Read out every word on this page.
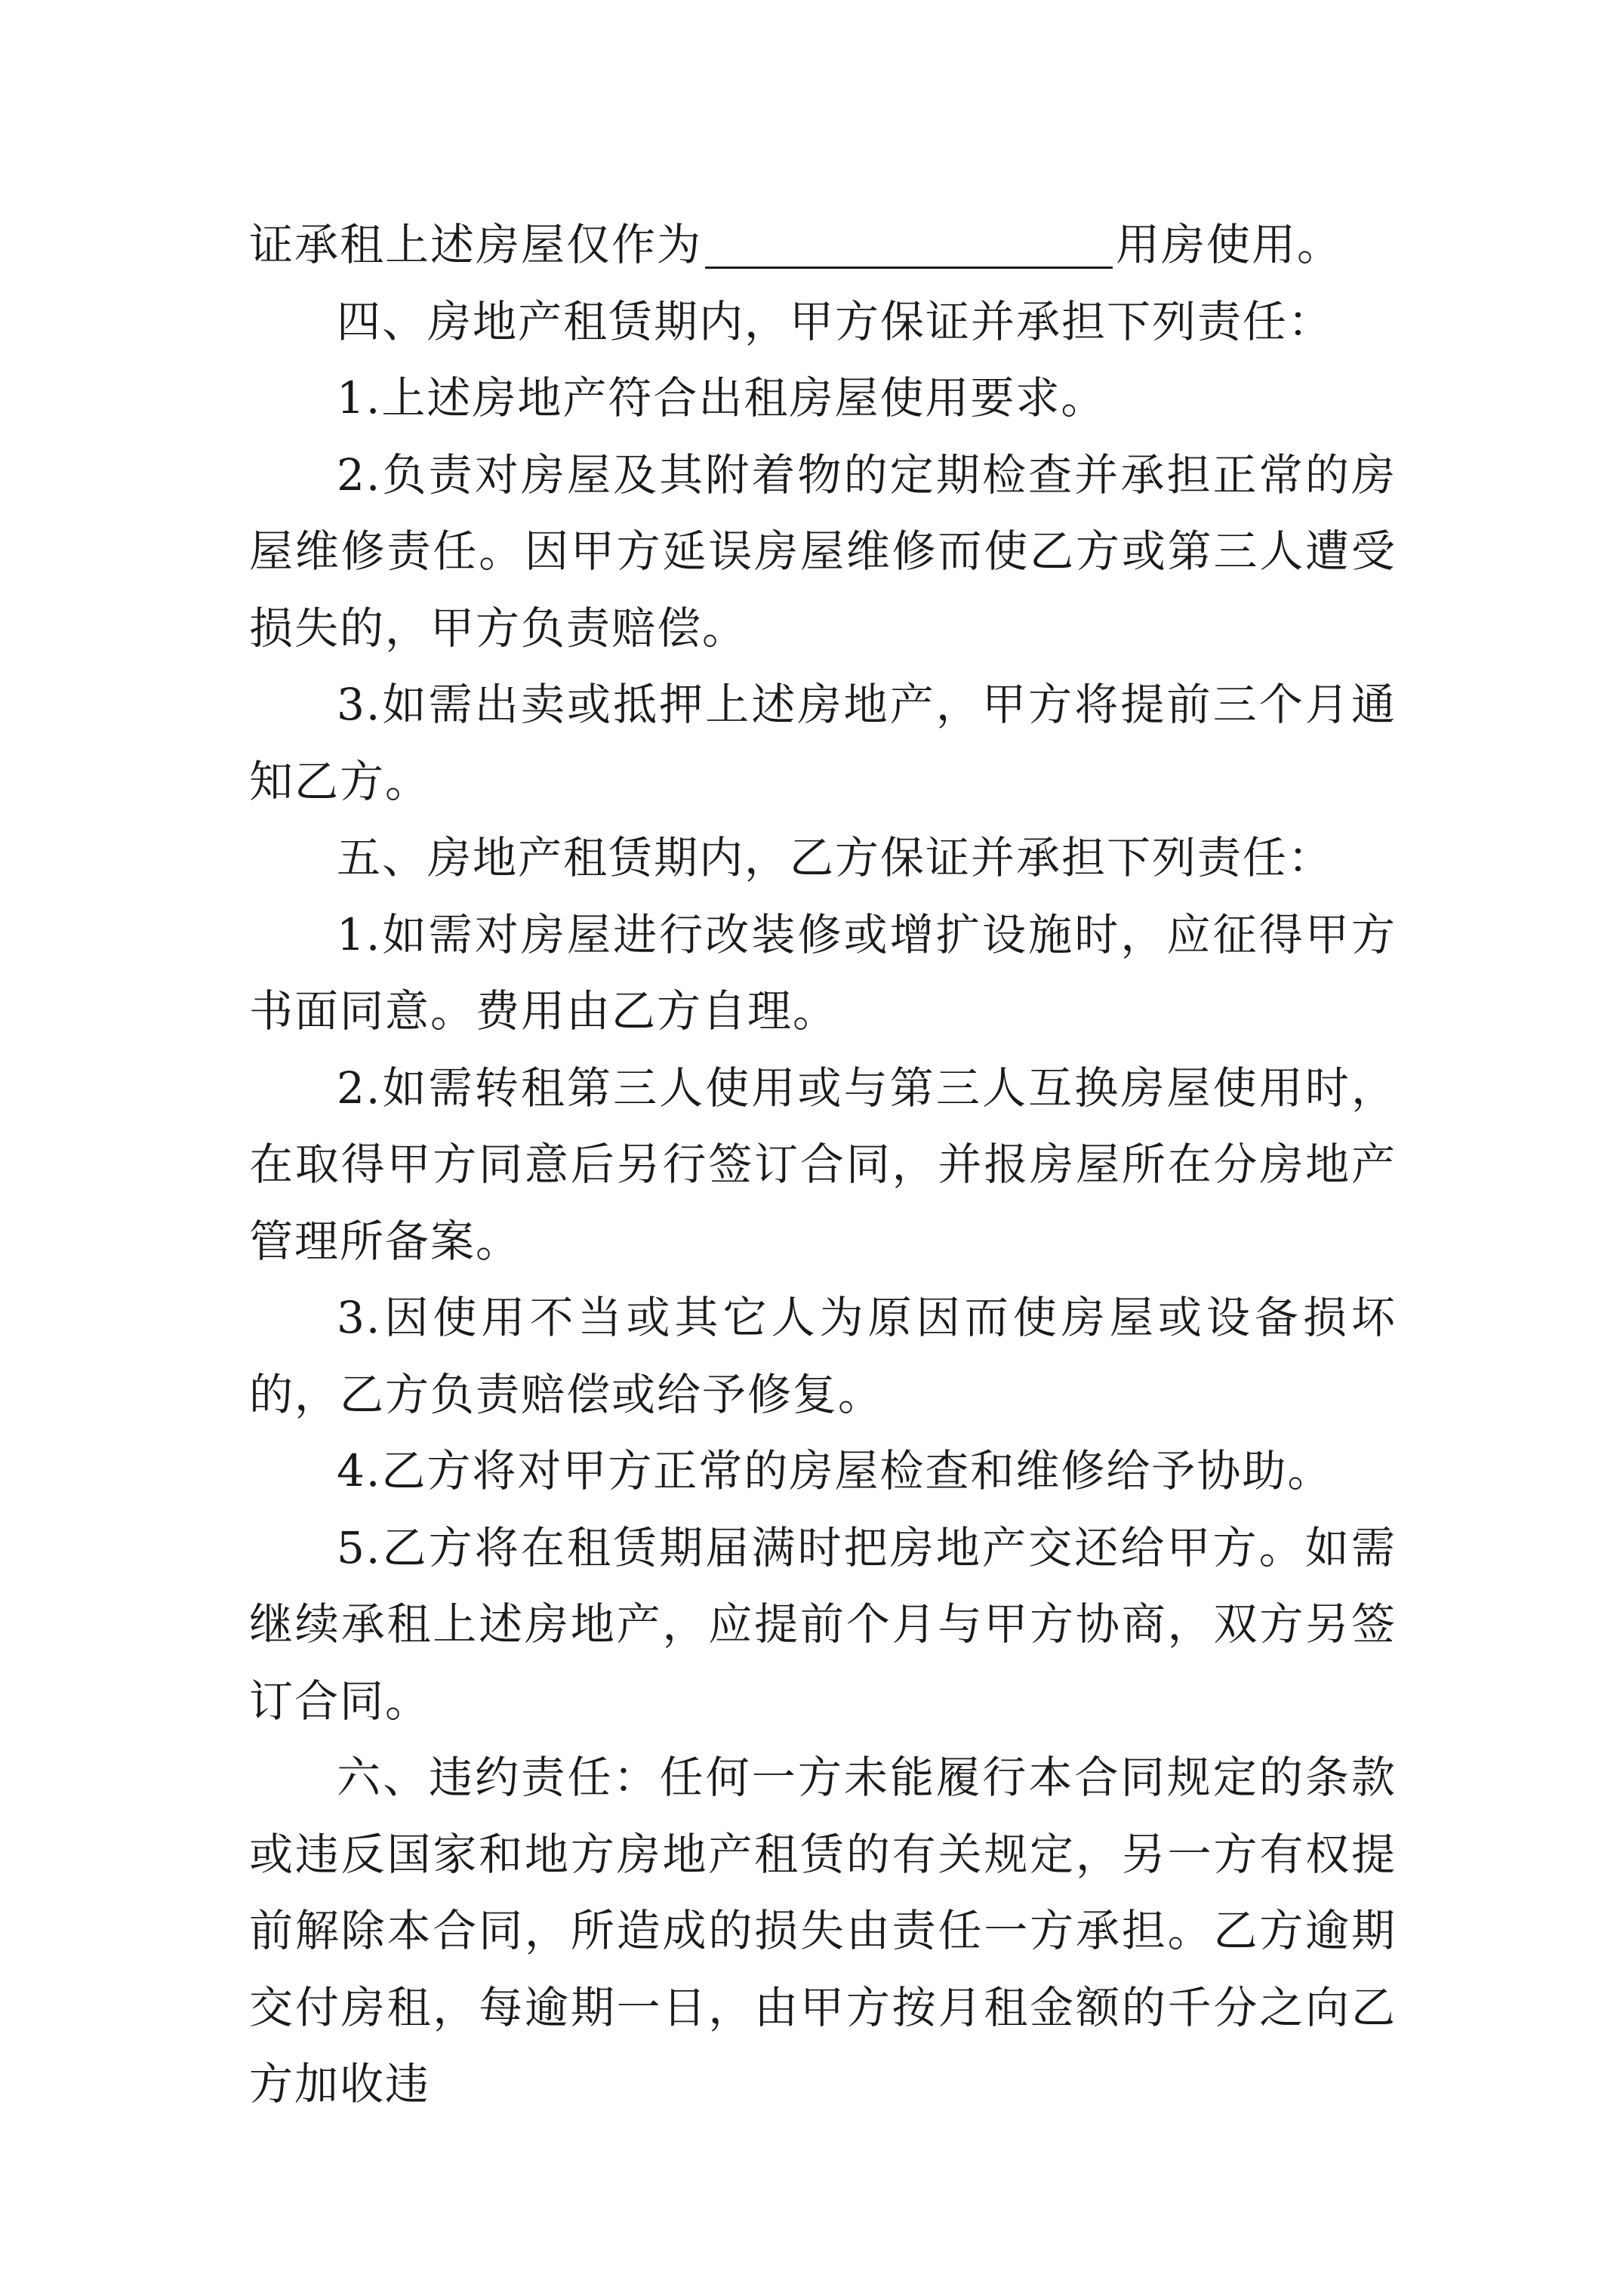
证承租上述房屋仅作为	用房使用。

四、房地产租赁期内，甲方保证并承担下列责任：

1.上述房地产符合出租房屋使用要求。

2.负责对房屋及其附着物的定期检查并承担正常的房屋维修责任。因甲方延误房屋维修而使乙方或第三人遭受损失的，甲方负责赔偿。

3.如需出卖或抵押上述房地产，甲方将提前三个月通知乙方。

五、房地产租赁期内，乙方保证并承担下列责任：

1.如需对房屋进行改装修或增扩设施时，应征得甲方书面同意。费用由乙方自理。

2.如需转租第三人使用或与第三人互换房屋使用时，在取得甲方同意后另行签订合同，并报房屋所在分房地产管理所备案。

3.因使用不当或其它人为原因而使房屋或设备损坏的，乙方负责赔偿或给予修复。

4.乙方将对甲方正常的房屋检查和维修给予协助。

5.乙方将在租赁期届满时把房地产交还给甲方。如需继续承租上述房地产，应提前个月与甲方协商，双方另签订合同。

六、违约责任：任何一方未能履行本合同规定的条款或违反国家和地方房地产租赁的有关规定，另一方有权提前解除本合同，所造成的损失由责任一方承担。乙方逾期交付房租，每逾期一日，由甲方按月租金额的千分之向乙方加收违
